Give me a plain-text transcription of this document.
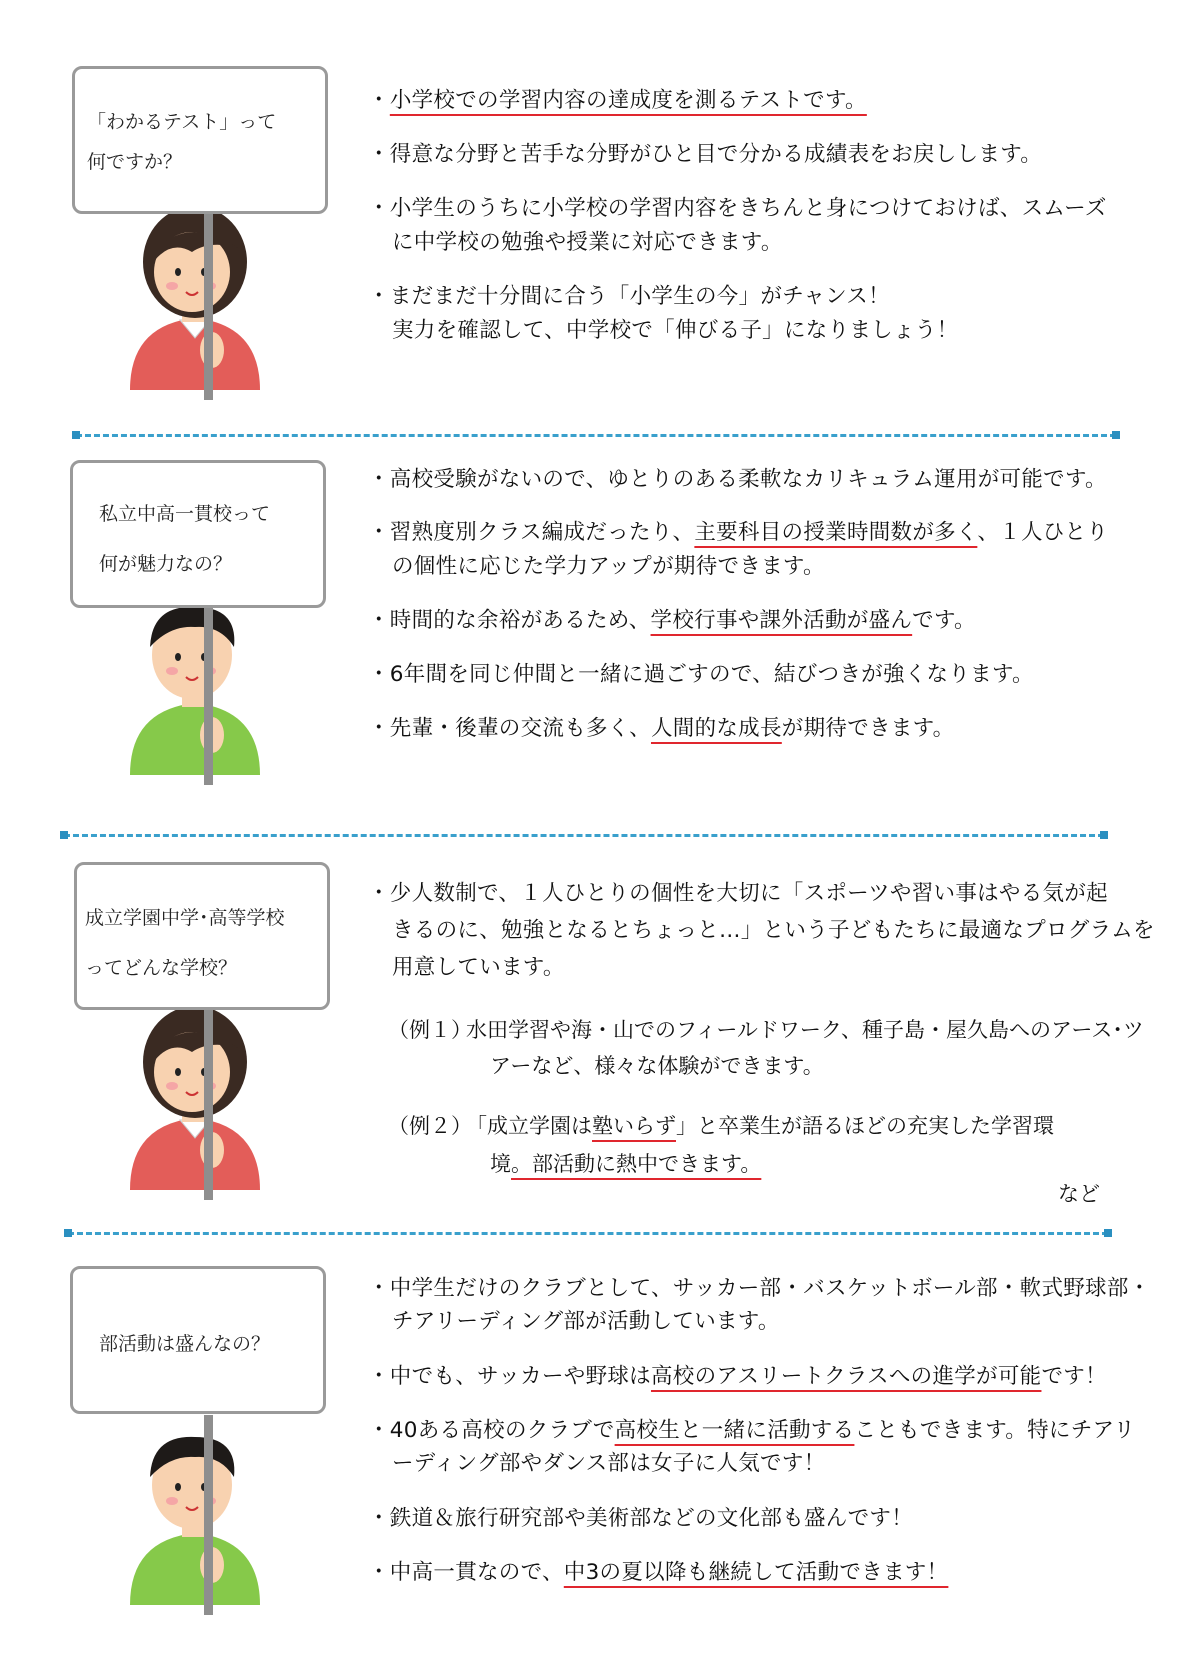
「わかるテスト」って
何ですか？

・小学校での学習内容の達成度を測るテストです。

・得意な分野と苦手な分野がひと目で分かる成績表をお戻しします。

・小学生のうちに小学校の学習内容をきちんと身につけておけば、スムーズ

に中学校の勉強や授業に対応できます。

・まだまだ十分間に合う「小学生の今」がチャンス！

実力を確認して、中学校で「伸びる子」になりましょう！

私立中高一貫校って
何が魅力なの？

・高校受験がないので、ゆとりのある柔軟なカリキュラム運用が可能です。

・習熟度別クラス編成だったり、主要科目の授業時間数が多く、１人ひとり

の個性に応じた学力アップが期待できます。

・時間的な余裕があるため、学校行事や課外活動が盛んです。

・6年間を同じ仲間と一緒に過ごすので、結びつきが強くなります。

・先輩・後輩の交流も多く、人間的な成長が期待できます。

成立学園中学･高等学校
ってどんな学校？

・少人数制で、１人ひとりの個性を大切に「スポーツや習い事はやる気が起

きるのに、勉強となるとちょっと…」という子どもたちに最適なプログラムを

用意しています。

（例１）
水田学習や海・山でのフィールドワーク、種子島・屋久島へのアース･ツ
アーなど、様々な体験ができます。
（例２）
「成立学園は塾いらず」と卒業生が語るほどの充実した学習環
境。部活動に熱中できます。
など
部活動は盛んなの？

・中学生だけのクラブとして、サッカー部・バスケットボール部・軟式野球部・

チアリーディング部が活動しています。

・中でも、サッカーや野球は高校のアスリートクラスへの進学が可能です！

・40ある高校のクラブで高校生と一緒に活動することもできます。特にチアリ

ーディング部やダンス部は女子に人気です！

・鉄道＆旅行研究部や美術部などの文化部も盛んです！

・中高一貫なので、中3の夏以降も継続して活動できます！
